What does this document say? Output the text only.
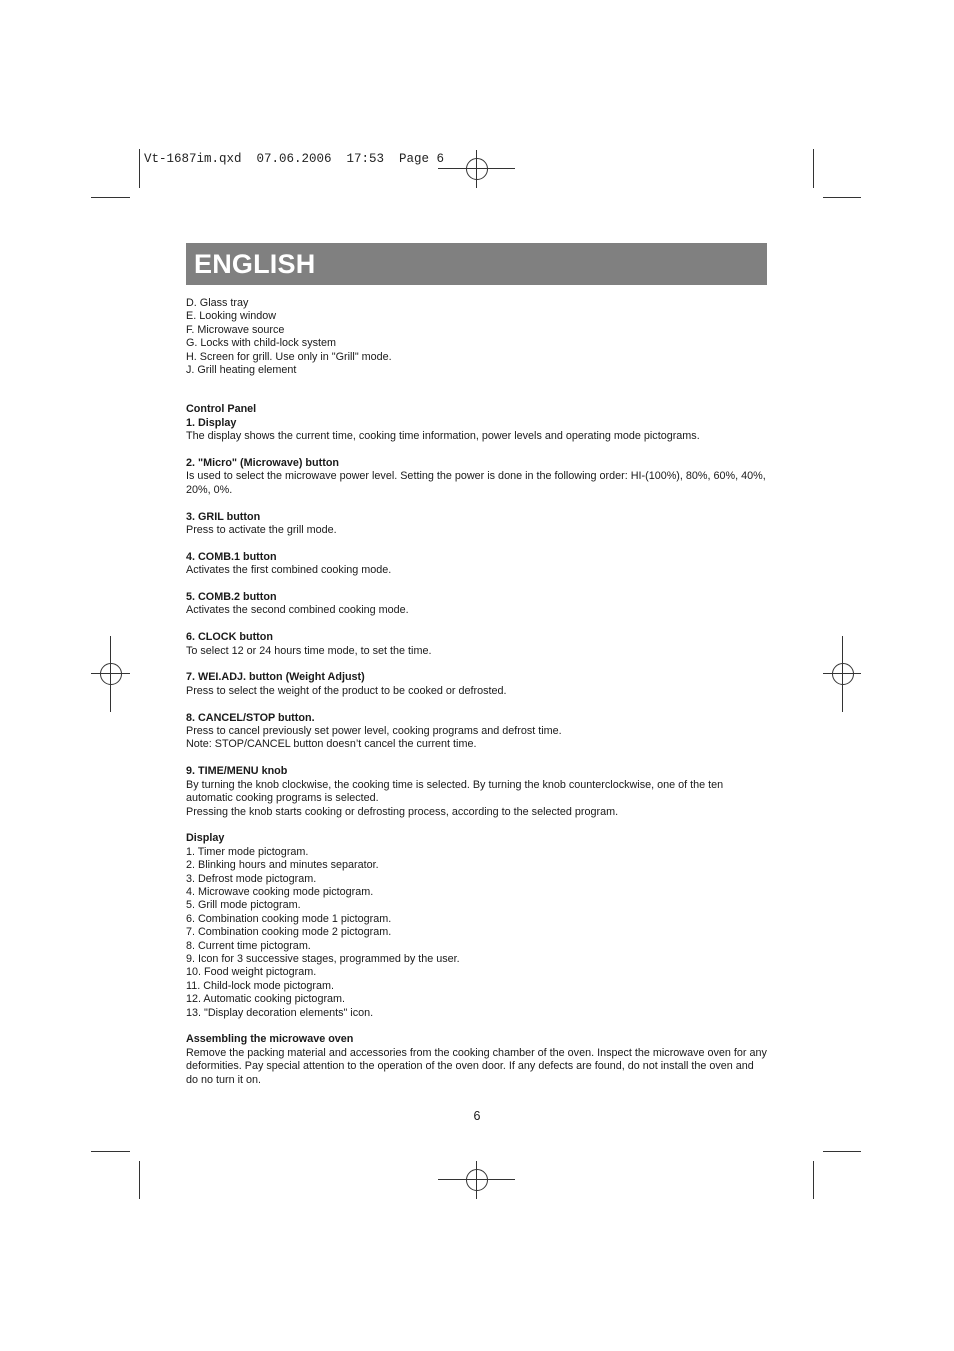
Vt-1687im.qxd  07.06.2006  17:53  Page 6
ENGLISH
D. Glass tray
E. Looking window
F. Microwave source
G. Locks with child-lock system
H. Screen for grill. Use only in "Grill" mode.
J. Grill heating element

Control Panel

1. Display

The display shows the current time, cooking time information, power levels and operating mode pictograms.

2. "Micro" (Microwave) button

Is used to select the microwave power level. Setting the power is done in the following order: HI-(100%), 80%, 60%, 40%, 20%, 0%.

3. GRIL button

Press to activate the grill mode.

4. COMB.1 button

Activates the first combined cooking mode.

5. COMB.2 button

Activates the second combined cooking mode.

6. CLOCK button

To select 12 or 24 hours time mode, to set the time.

7. WEI.ADJ. button (Weight Adjust)

Press to select the weight of the product to be cooked or defrosted.

8. CANCEL/STOP button.

Press to cancel previously set power level, cooking programs and defrost time.

Note: STOP/CANCEL button doesn’t cancel the current time.

9. TIME/MENU knob

By turning the knob clockwise, the cooking time is selected. By turning the knob counterclockwise, one of the ten automatic cooking programs is selected.

Pressing the knob starts cooking or defrosting process, according to the selected program.

Display

1. Timer mode pictogram.
2. Blinking hours and minutes separator.
3. Defrost mode pictogram.
4. Microwave cooking mode pictogram.
5. Grill mode pictogram.
6. Combination cooking mode 1 pictogram.
7. Combination cooking mode 2 pictogram.
8. Current time pictogram.
9. Icon for 3 successive stages, programmed by the user.
10. Food weight pictogram.
11. Child-lock mode pictogram.
12. Automatic cooking pictogram.
13. "Display decoration elements" icon.

Assembling the microwave oven

Remove the packing material and accessories from the cooking chamber of the oven. Inspect the microwave oven for any deformities. Pay special attention to the operation of the oven door. If any defects are found, do not install the oven and do no turn it on.

6
